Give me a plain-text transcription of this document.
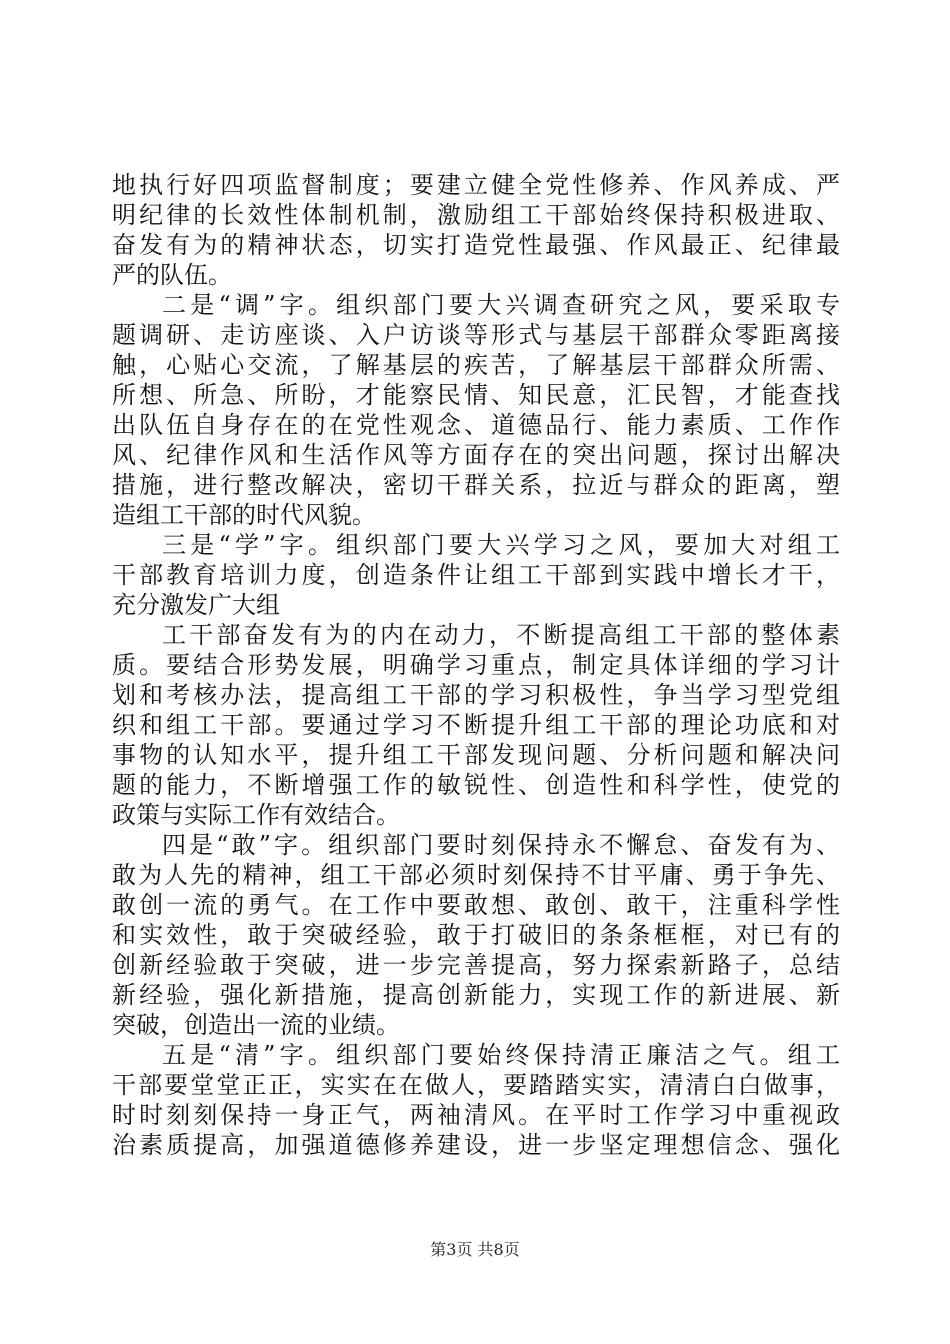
地执行好四项监督制度；要建立健全党性修养、作风养成、严
明纪律的长效性体制机制，激励组工干部始终保持积极进取、
奋发有为的精神状态，切实打造党性最强、作风最正、纪律最
严的队伍。
二是“调”字。组织部门要大兴调查研究之风，要采取专
题调研、走访座谈、入户访谈等形式与基层干部群众零距离接
触，心贴心交流，了解基层的疾苦，了解基层干部群众所需、
所想、所急、所盼，才能察民情、知民意，汇民智，才能查找
出队伍自身存在的在党性观念、道德品行、能力素质、工作作
风、纪律作风和生活作风等方面存在的突出问题，探讨出解决
措施，进行整改解决，密切干群关系，拉近与群众的距离，塑
造组工干部的时代风貌。
三是“学”字。组织部门要大兴学习之风，要加大对组工
干部教育培训力度，创造条件让组工干部到实践中增长才干，
充分激发广大组
工干部奋发有为的内在动力，不断提高组工干部的整体素
质。要结合形势发展，明确学习重点，制定具体详细的学习计
划和考核办法，提高组工干部的学习积极性，争当学习型党组
织和组工干部。要通过学习不断提升组工干部的理论功底和对
事物的认知水平，提升组工干部发现问题、分析问题和解决问
题的能力，不断增强工作的敏锐性、创造性和科学性，使党的
政策与实际工作有效结合。
四是“敢”字。组织部门要时刻保持永不懈怠、奋发有为、
敢为人先的精神，组工干部必须时刻保持不甘平庸、勇于争先、
敢创一流的勇气。在工作中要敢想、敢创、敢干，注重科学性
和实效性，敢于突破经验，敢于打破旧的条条框框，对已有的
创新经验敢于突破，进一步完善提高，努力探索新路子，总结
新经验，强化新措施，提高创新能力，实现工作的新进展、新
突破，创造出一流的业绩。
五是“清”字。组织部门要始终保持清正廉洁之气。组工
干部要堂堂正正，实实在在做人，要踏踏实实，清清白白做事，
时时刻刻保持一身正气，两袖清风。在平时工作学习中重视政
治素质提高，加强道德修养建设，进一步坚定理想信念、强化
第3页 共8页
